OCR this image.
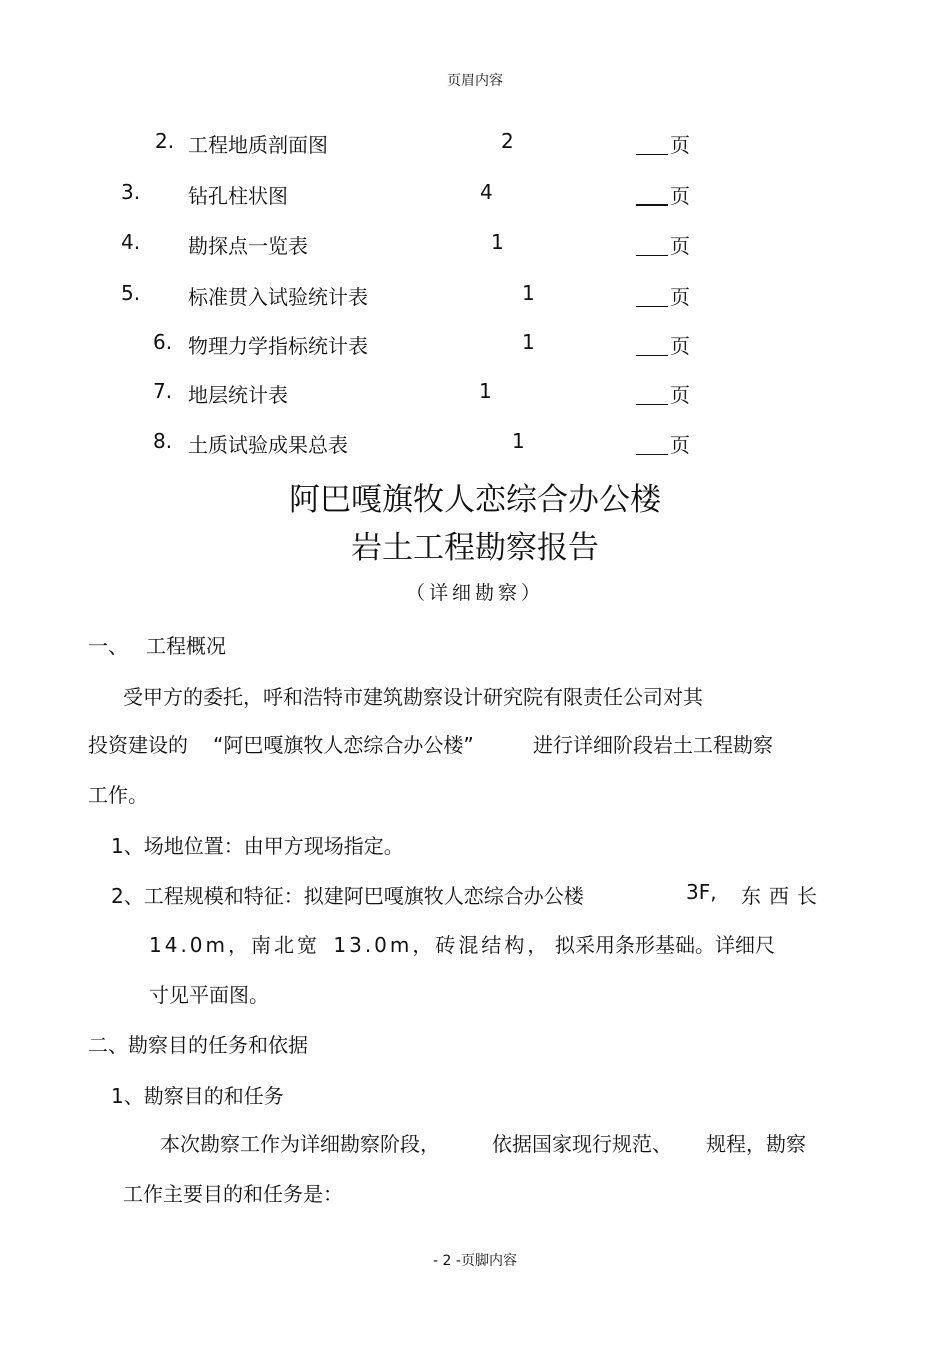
页眉内容
2. 工程地质剖面图	2	页
3. 钻孔柱状图	4	页
4. 勘探点一览表	1	页
5. 标准贯入试验统计表	1	页
6. 物理力学指标统计表	1	页
7. 地层统计表	1	页
8. 土质试验成果总表	1	页
阿巴嘎旗牧人恋综合办公楼
岩土工程勘察报告
（详细勘察）
一、 工程概况
受甲方的委托，呼和浩特市建筑勘察设计研究院有限责任公司对其
投资建设的 “阿巴嘎旗牧人恋综合办公楼”	进行详细阶段岩土工程勘察
工作。
1、场地位置：由甲方现场指定。
2、工程规模和特征：拟建阿巴嘎旗牧人恋综合办公楼	3F, 东西长
14.0m，南北宽 13.0m，砖混结构， 拟采用条形基础。详细尺
寸见平面图。
二、勘察目的任务和依据
1、勘察目的和任务
本次勘察工作为详细勘察阶段，	依据国家现行规范、 规程，勘察
工作主要目的和任务是：
- 2 -页脚内容
